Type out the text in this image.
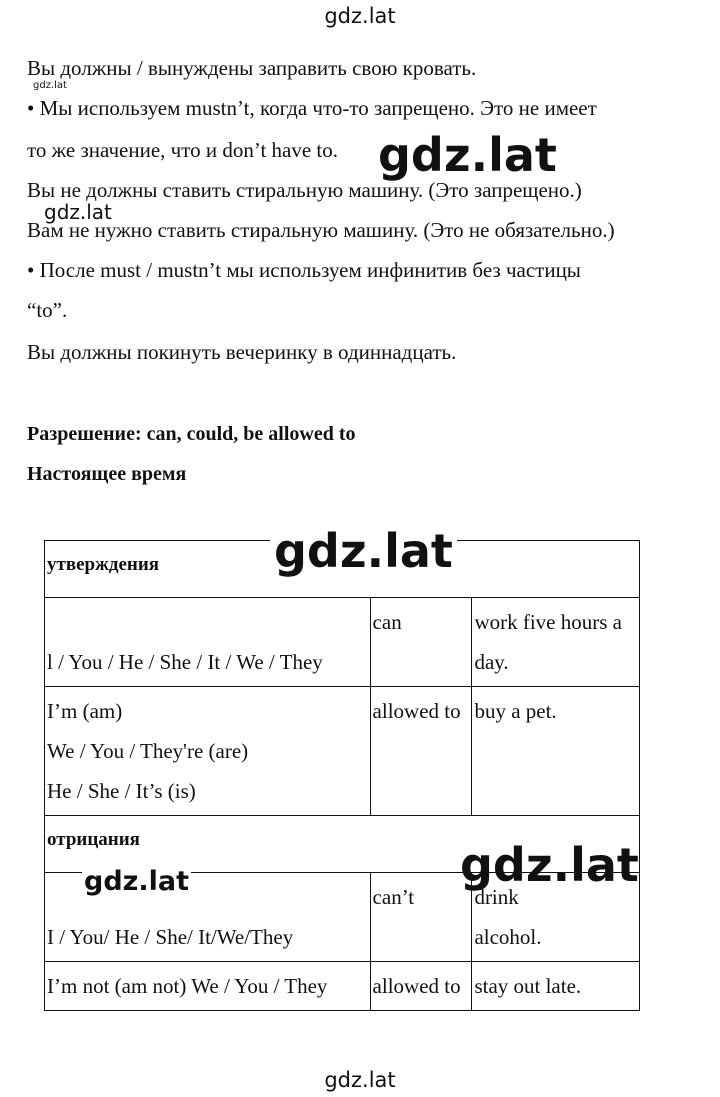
gdz.lat
Вы должны / вынуждены заправить свою кровать.
gdz.lat
• Мы используем mustn’t, когда что-то запрещено. Это не имеет
то же значение, что и don’t have to. gdz.lat
Вы не должны ставить стиральную машину. (Это запрещено.)
gdz.lat
Вам не нужно ставить стиральную машину. (Это не обязательно.)
• После must / mustn’t мы используем инфинитив без частицы
“to”.
Вы должны покинуть вечеринку в одиннадцать.
Разрешение: can, could, be allowed to
Настоящее время
утверждения		

l / You / He / She / It / We / They	can	work five hours a
day.

I’m (am)
We / You / They're (are)
He / She / It’s (is)	allowed to	buy a pet.

отрицания		

I / You/ He / She/ It/We/They	can’t	drink
alcohol.

I’m not (am not) We / You / They	allowed to	stay out late.
gdz.lat
gdz.lat
gdz.lat
gdz.lat
